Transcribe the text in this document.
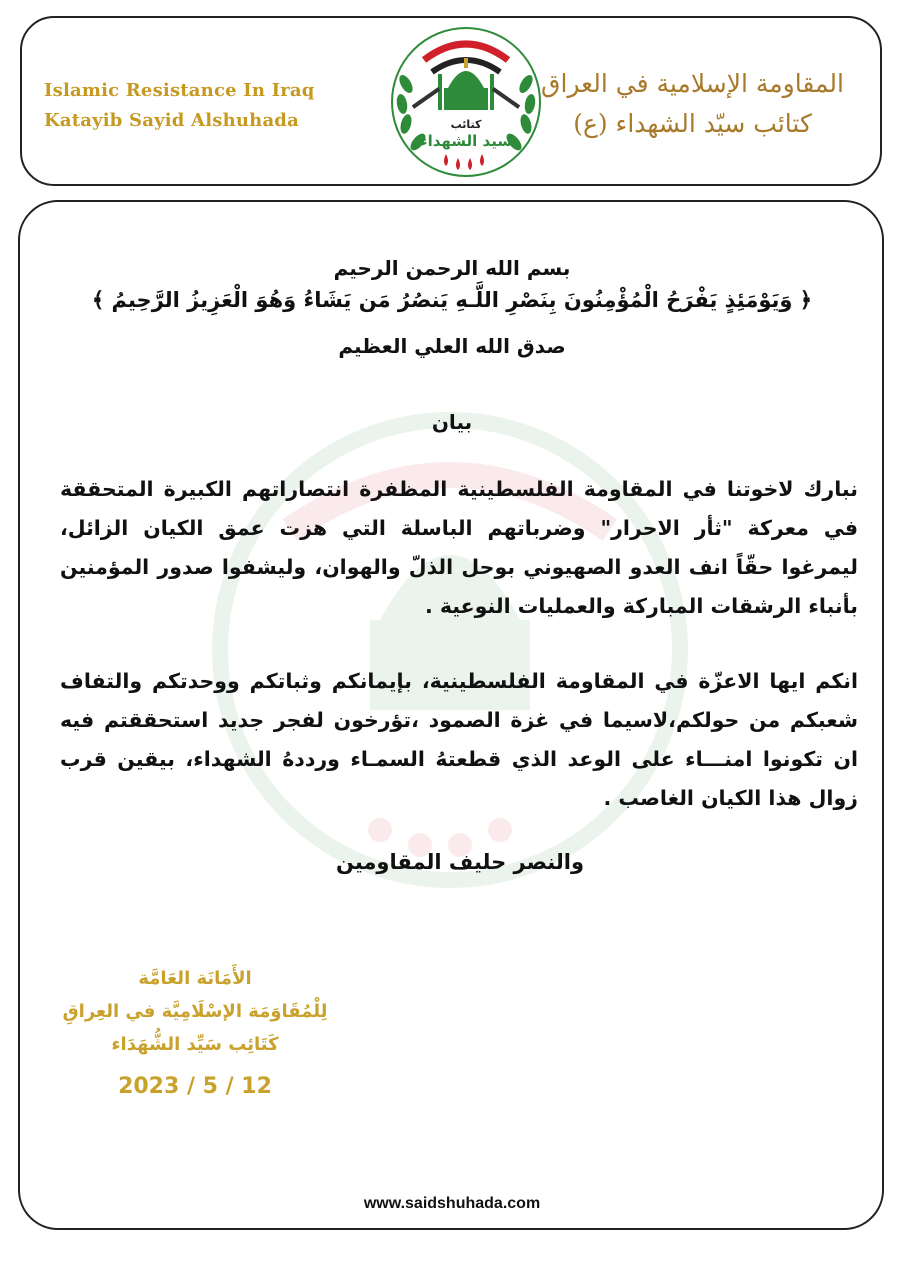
Islamic Resistance In Iraq
Katayib Sayid Alshuhada	كتائب
سيد الشهداء
المقاومة الإسلامية في العراق
كتائب سيّد الشهداء (ع)
بسم الله الرحمن الرحيم
﴿ وَيَوْمَئِذٍ يَفْرَحُ الْمُؤْمِنُونَ بِنَصْرِ اللَّـهِ يَنصُرُ مَن يَشَاءُ وَهُوَ الْعَزِيزُ الرَّحِيمُ ﴾
صدق الله العلي العظيم
بيان
نبارك لاخوتنا في المقاومة الفلسطينية المظفرة انتصاراتهم الكبيرة المتحققة في معركة "ثأر الاحرار" وضرباتهم الباسلة التي هزت عمق الكيان الزائل، ليمرغوا حقّاً انف العدو الصهيوني بوحل الذلّ والهوان، وليشفوا صدور المؤمنين بأنباء الرشقات المباركة والعمليات النوعية .
انكم ايها الاعزّة في المقاومة الفلسطينية، بإيمانكم وثباتكم ووحدتكم والتفاف شعبكم من حولكم،لاسيما في غزة الصمود ،تؤرخون لفجر جديد استحققتم فيه ان تكونوا امنـــاء على الوعد الذي قطعتهُ السمـاء ورددهُ الشهداء، بيقين قرب زوال هذا الكيان الغاصب .
والنصر حليف المقاومين
الأَمَانَة العَامَّة
لِلْمُقَاوَمَة الإسْلَامِيَّة في العِراقِ
كَتَائِب سَيِّد الشُّهَدَاء
2023 / 5 / 12
www.saidshuhada.com
